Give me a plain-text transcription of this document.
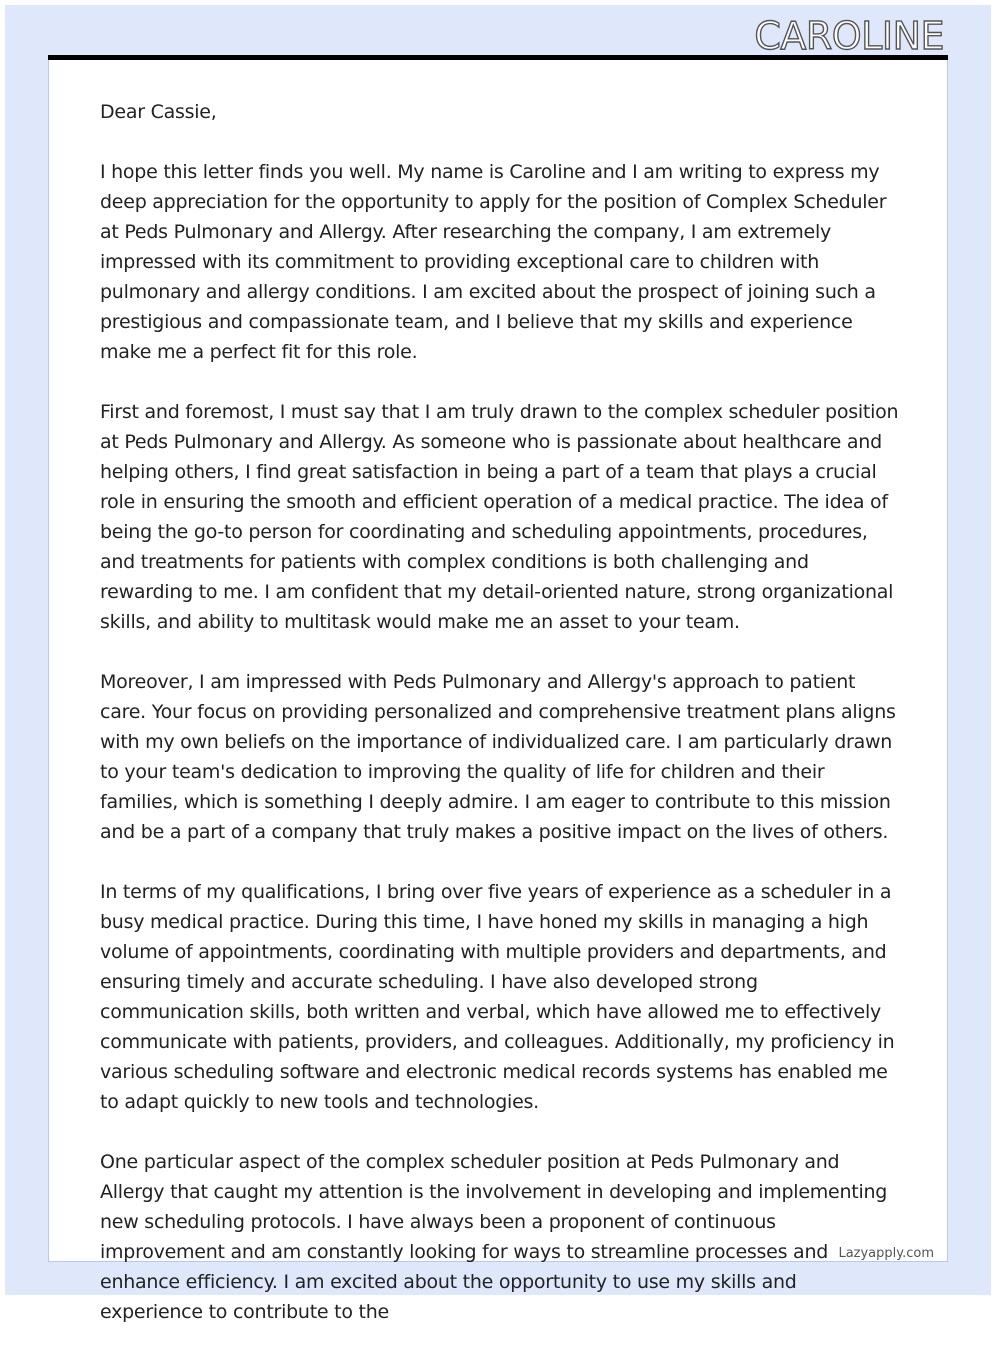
CAROLINE

Dear Cassie,

I hope this letter finds you well. My name is Caroline and I am writing to express my deep appreciation for the opportunity to apply for the position of Complex Scheduler at Peds Pulmonary and Allergy. After researching the company, I am extremely impressed with its commitment to providing exceptional care to children with pulmonary and allergy conditions. I am excited about the prospect of joining such a prestigious and compassionate team, and I believe that my skills and experience make me a perfect fit for this role.

First and foremost, I must say that I am truly drawn to the complex scheduler position at Peds Pulmonary and Allergy. As someone who is passionate about healthcare and helping others, I find great satisfaction in being a part of a team that plays a crucial role in ensuring the smooth and efficient operation of a medical practice. The idea of being the go-to person for coordinating and scheduling appointments, procedures, and treatments for patients with complex conditions is both challenging and rewarding to me. I am confident that my detail-oriented nature, strong organizational skills, and ability to multitask would make me an asset to your team.

Moreover, I am impressed with Peds Pulmonary and Allergy's approach to patient care. Your focus on providing personalized and comprehensive treatment plans aligns with my own beliefs on the importance of individualized care. I am particularly drawn to your team's dedication to improving the quality of life for children and their families, which is something I deeply admire. I am eager to contribute to this mission and be a part of a company that truly makes a positive impact on the lives of others.

In terms of my qualifications, I bring over five years of experience as a scheduler in a busy medical practice. During this time, I have honed my skills in managing a high volume of appointments, coordinating with multiple providers and departments, and ensuring timely and accurate scheduling. I have also developed strong communication skills, both written and verbal, which have allowed me to effectively communicate with patients, providers, and colleagues. Additionally, my proficiency in various scheduling software and electronic medical records systems has enabled me to adapt quickly to new tools and technologies.

One particular aspect of the complex scheduler position at Peds Pulmonary and Allergy that caught my attention is the involvement in developing and implementing new scheduling protocols. I have always been a proponent of continuous improvement and am constantly looking for ways to streamline processes and enhance efficiency. I am excited about the opportunity to use my skills and experience to contribute to the

Lazyapply.com
